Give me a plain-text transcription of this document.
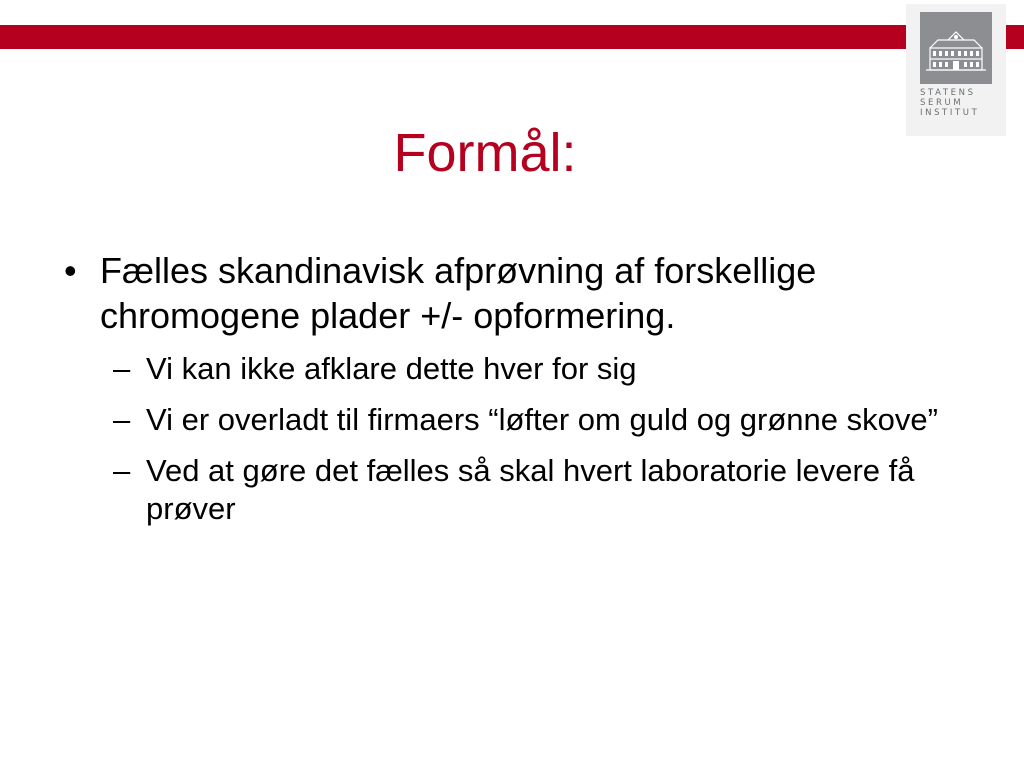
STATENS
SERUM
INSTITUT
Formål:
• Fælles skandinavisk afprøvning af forskellige chromogene plader +/- opformering.
– Vi kan ikke afklare dette hver for sig
– Vi er overladt til firmaers “løfter om guld og grønne skove”
– Ved at gøre det fælles så skal hvert laboratorie levere få prøver
